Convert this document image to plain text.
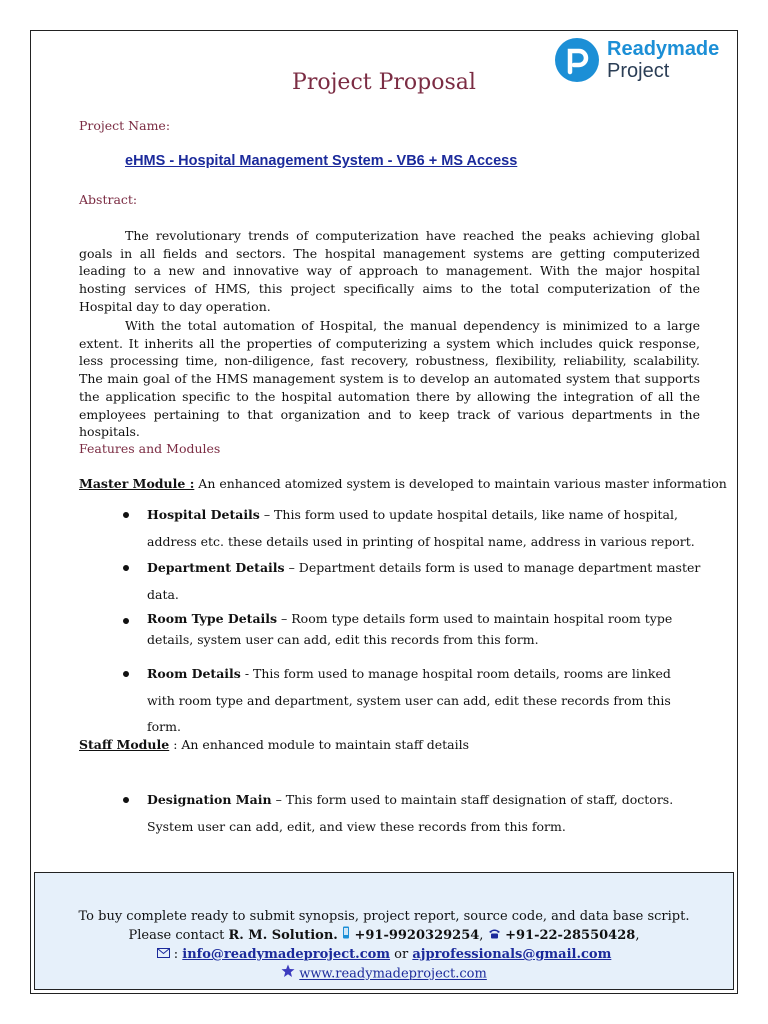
Readymade
Project
Project Proposal
Project Name:
eHMS - Hospital Management System - VB6 + MS Access
Abstract:

The revolutionary trends of computerization have reached the peaks achieving global goals in all fields and sectors. The hospital management systems are getting computerized leading to a new and innovative way of approach to management. With the major hospital hosting services of HMS, this project specifically aims to the total computerization of the Hospital day to day operation.

With the total automation of Hospital, the manual dependency is minimized to a large extent. It inherits all the properties of computerizing a system which includes quick response, less processing time, non-diligence, fast recovery, robustness, flexibility, reliability, scalability. The main goal of the HMS management system is to develop an automated system that supports the application specific to the hospital automation there by allowing the integration of all the employees pertaining to that organization and to keep track of various departments in the hospitals.

Features and Modules
Master Module : An enhanced atomized system is developed to maintain various master information
Hospital Details – This form used to update hospital details, like name of hospital, address etc. these details used in printing of hospital name, address in various report.
Department Details – Department details form is used to manage department master data.
Room Type Details – Room type details form used to maintain hospital room type details, system user can add, edit this records from this form.
Room Details - This form used to manage hospital room details, rooms are linked with room type and department, system user can add, edit these records from this form.
Staff Module : An enhanced module to maintain staff details
Designation Main – This form used to maintain staff designation of staff, doctors. System user can add, edit, and view these records from this form.
To buy complete ready to submit synopsis, project report, source code, and data base script.
Please contact R. M. Solution.  +91-9920329254,  +91-22-28550428,
: info@readymadeproject.com or ajprofessionals@gmail.com
www.readymadeproject.com
